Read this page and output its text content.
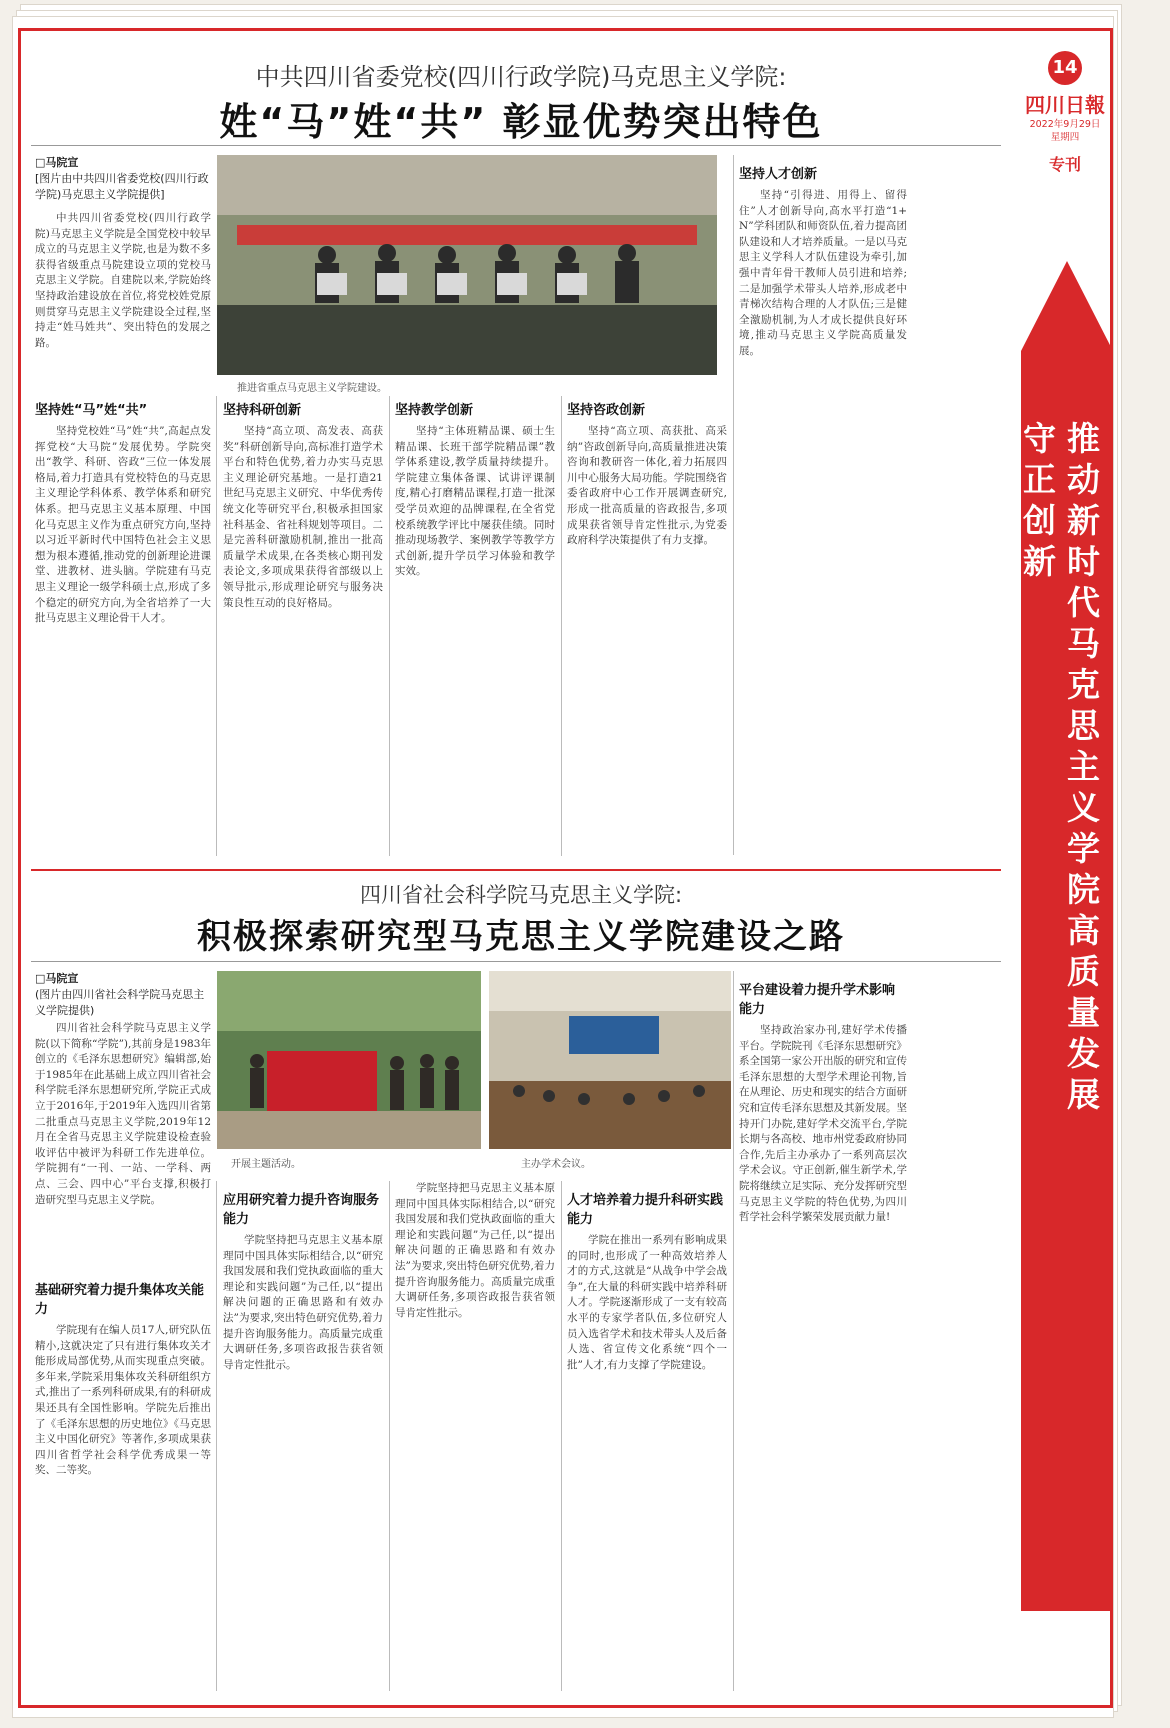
14
四川日報
2022年9月29日
星期四
专刊
守正创新 推动新时代马克思主义学院高质量发展
中共四川省委党校(四川行政学院)马克思主义学院:
姓“马”姓“共” 彰显优势突出特色
□马院宣
[图片由中共四川省委党校(四川行政学院)马克思主义学院提供]
中共四川省委党校(四川行政学院)马克思主义学院是全国党校中较早成立的马克思主义学院,也是为数不多获得省级重点马院建设立项的党校马克思主义学院。自建院以来,学院始终坚持政治建设放在首位,将党校姓党原则贯穿马克思主义学院建设全过程,坚持走“姓马姓共”、突出特色的发展之路。
推进省重点马克思主义学院建设。
坚持姓“马”姓“共”
坚持党校姓“马”姓“共”,高起点发挥党校“大马院”发展优势。学院突出“教学、科研、咨政”三位一体发展格局,着力打造具有党校特色的马克思主义理论学科体系、教学体系和研究体系。把马克思主义基本原理、中国化马克思主义作为重点研究方向,坚持以习近平新时代中国特色社会主义思想为根本遵循,推动党的创新理论进课堂、进教材、进头脑。学院建有马克思主义理论一级学科硕士点,形成了多个稳定的研究方向,为全省培养了一大批马克思主义理论骨干人才。
坚持科研创新
坚持“高立项、高发表、高获奖”科研创新导向,高标准打造学术平台和特色优势,着力办实马克思主义理论研究基地。一是打造21世纪马克思主义研究、中华优秀传统文化等研究平台,积极承担国家社科基金、省社科规划等项目。二是完善科研激励机制,推出一批高质量学术成果,在各类核心期刊发表论文,多项成果获得省部级以上领导批示,形成理论研究与服务决策良性互动的良好格局。
坚持教学创新
坚持“主体班精品课、硕士生精品课、长班干部学院精品课”教学体系建设,教学质量持续提升。学院建立集体备课、试讲评课制度,精心打磨精品课程,打造一批深受学员欢迎的品牌课程,在全省党校系统教学评比中屡获佳绩。同时推动现场教学、案例教学等教学方式创新,提升学员学习体验和教学实效。
坚持咨政创新
坚持“高立项、高获批、高采纳”咨政创新导向,高质量推进决策咨询和教研咨一体化,着力拓展四川中心服务大局功能。学院围绕省委省政府中心工作开展调查研究,形成一批高质量的咨政报告,多项成果获省领导肯定性批示,为党委政府科学决策提供了有力支撑。
坚持人才创新
坚持“引得进、用得上、留得住”人才创新导向,高水平打造“1+N”学科团队和师资队伍,着力提高团队建设和人才培养质量。一是以马克思主义学科人才队伍建设为牵引,加强中青年骨干教师人员引进和培养;二是加强学术带头人培养,形成老中青梯次结构合理的人才队伍;三是健全激励机制,为人才成长提供良好环境,推动马克思主义学院高质量发展。
四川省社会科学院马克思主义学院:
积极探索研究型马克思主义学院建设之路
□马院宣
(图片由四川省社会科学院马克思主义学院提供)
四川省社会科学院马克思主义学院(以下简称“学院”),其前身是1983年创立的《毛泽东思想研究》编辑部,始于1985年在此基础上成立四川省社会科学院毛泽东思想研究所,学院正式成立于2016年,于2019年入选四川省第二批重点马克思主义学院,2019年12月在全省马克思主义学院建设检查验收评估中被评为科研工作先进单位。学院拥有“一刊、一站、一学科、两点、三会、四中心”平台支撑,积极打造研究型马克思主义学院。
开展主题活动。	主办学术会议。
基础研究着力提升集体攻关能力
学院现有在编人员17人,研究队伍精小,这就决定了只有进行集体攻关才能形成局部优势,从而实现重点突破。多年来,学院采用集体攻关科研组织方式,推出了一系列科研成果,有的科研成果还具有全国性影响。学院先后推出了《毛泽东思想的历史地位》《马克思主义中国化研究》等著作,多项成果获四川省哲学社会科学优秀成果一等奖、二等奖。
应用研究着力提升咨询服务能力
学院坚持把马克思主义基本原理同中国具体实际相结合,以“研究我国发展和我们党执政面临的重大理论和实践问题”为己任,以“提出解决问题的正确思路和有效办法”为要求,突出特色研究优势,着力提升咨询服务能力。高质量完成重大调研任务,多项咨政报告获省领导肯定性批示。
学院坚持把马克思主义基本原理同中国具体实际相结合,以“研究我国发展和我们党执政面临的重大理论和实践问题”为己任,以“提出解决问题的正确思路和有效办法”为要求,突出特色研究优势,着力提升咨询服务能力。高质量完成重大调研任务,多项咨政报告获省领导肯定性批示。
人才培养着力提升科研实践能力
学院在推出一系列有影响成果的同时,也形成了一种高效培养人才的方式,这就是“从战争中学会战争”,在大量的科研实践中培养科研人才。学院逐渐形成了一支有较高水平的专家学者队伍,多位研究人员入选省学术和技术带头人及后备人选、省宣传文化系统“四个一批”人才,有力支撑了学院建设。
平台建设着力提升学术影响能力
坚持政治家办刊,建好学术传播平台。学院院刊《毛泽东思想研究》系全国第一家公开出版的研究和宣传毛泽东思想的大型学术理论刊物,旨在从理论、历史和现实的结合方面研究和宣传毛泽东思想及其新发展。坚持开门办院,建好学术交流平台,学院长期与各高校、地市州党委政府协同合作,先后主办承办了一系列高层次学术会议。守正创新,催生新学术,学院将继续立足实际、充分发挥研究型马克思主义学院的特色优势,为四川哲学社会科学繁荣发展贡献力量!
